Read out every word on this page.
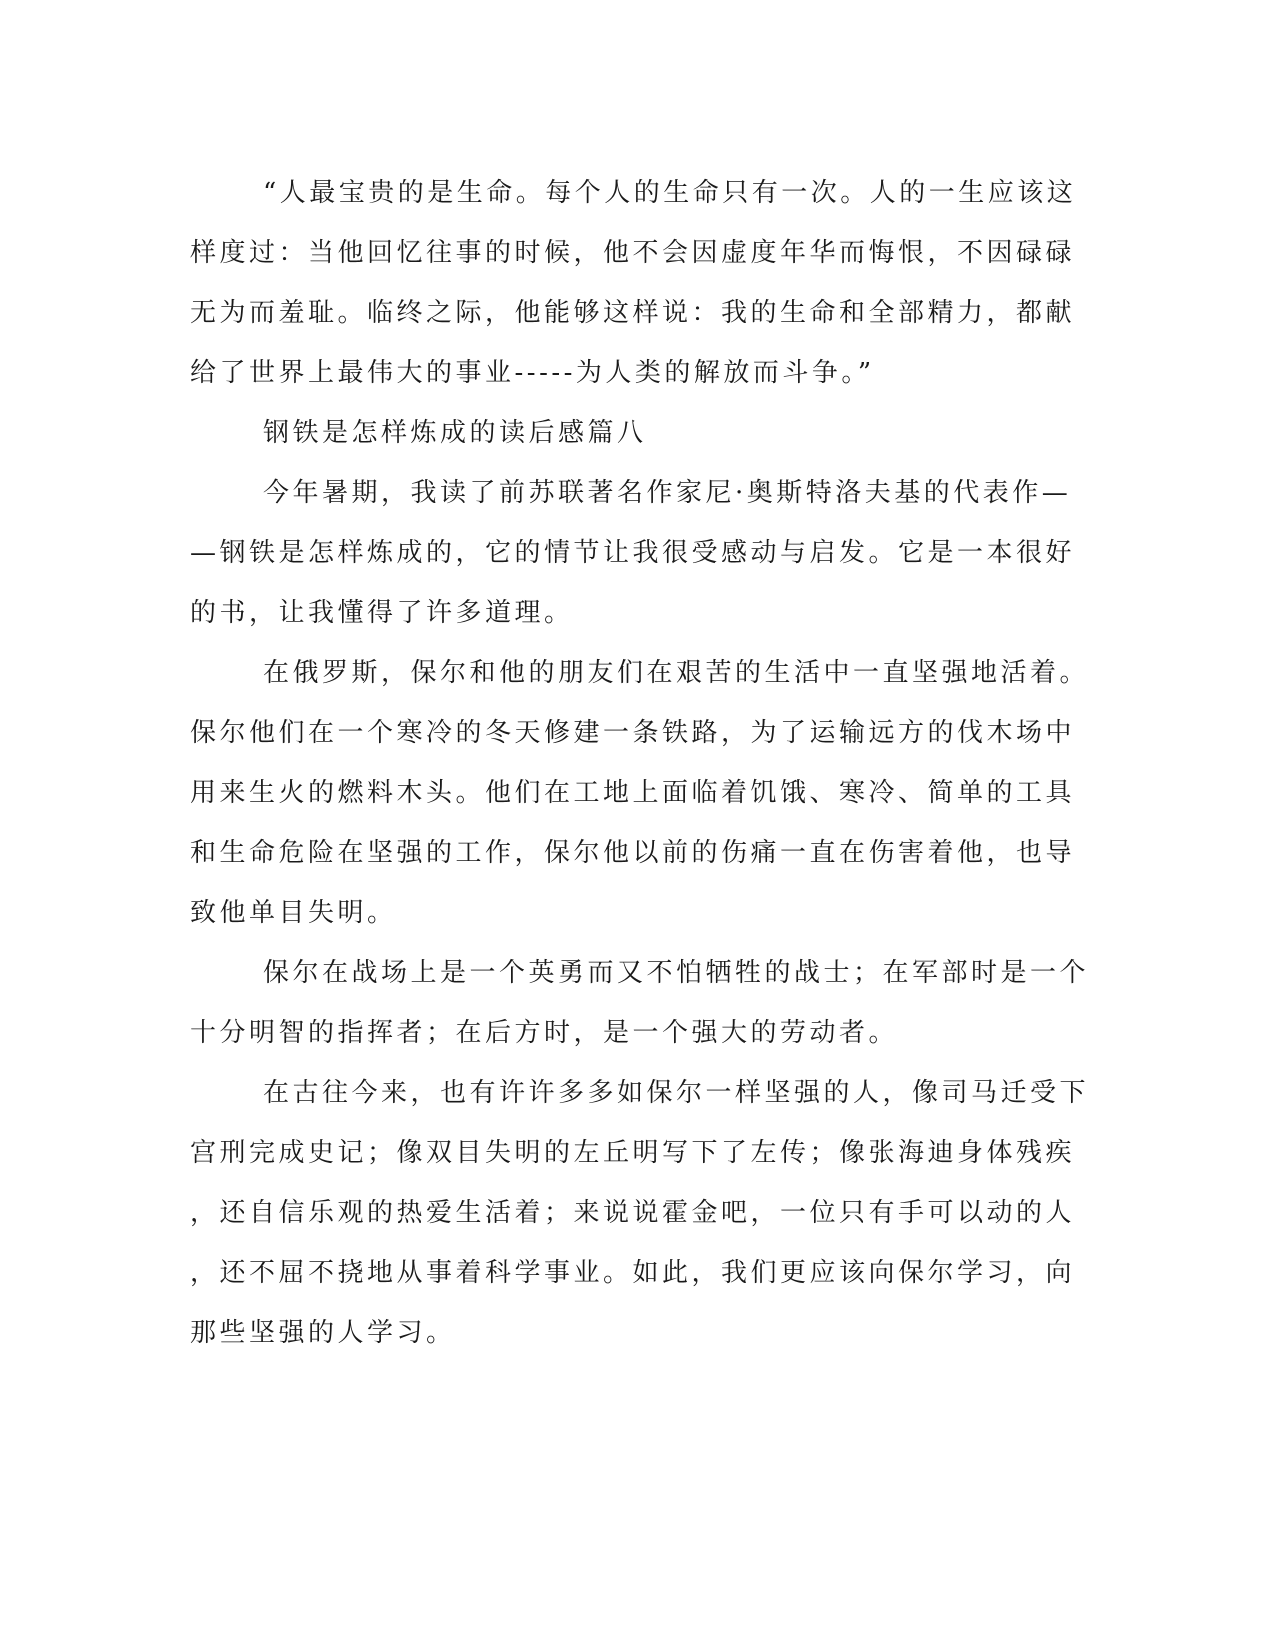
“人最宝贵的是生命。每个人的生命只有一次。人的一生应该这
样度过：当他回忆往事的时候，他不会因虚度年华而悔恨，不因碌碌
无为而羞耻。临终之际，他能够这样说：我的生命和全部精力，都献
给了世界上最伟大的事业-----为人类的解放而斗争。”
钢铁是怎样炼成的读后感篇八
今年暑期，我读了前苏联著名作家尼·奥斯特洛夫基的代表作—
—钢铁是怎样炼成的，它的情节让我很受感动与启发。它是一本很好
的书，让我懂得了许多道理。
在俄罗斯，保尔和他的朋友们在艰苦的生活中一直坚强地活着。
保尔他们在一个寒冷的冬天修建一条铁路，为了运输远方的伐木场中
用来生火的燃料木头。他们在工地上面临着饥饿、寒冷、简单的工具
和生命危险在坚强的工作，保尔他以前的伤痛一直在伤害着他，也导
致他单目失明。
保尔在战场上是一个英勇而又不怕牺牲的战士；在军部时是一个
十分明智的指挥者；在后方时，是一个强大的劳动者。
在古往今来，也有许许多多如保尔一样坚强的人，像司马迁受下
宫刑完成史记；像双目失明的左丘明写下了左传；像张海迪身体残疾
，还自信乐观的热爱生活着；来说说霍金吧，一位只有手可以动的人
，还不屈不挠地从事着科学事业。如此，我们更应该向保尔学习，向
那些坚强的人学习。
